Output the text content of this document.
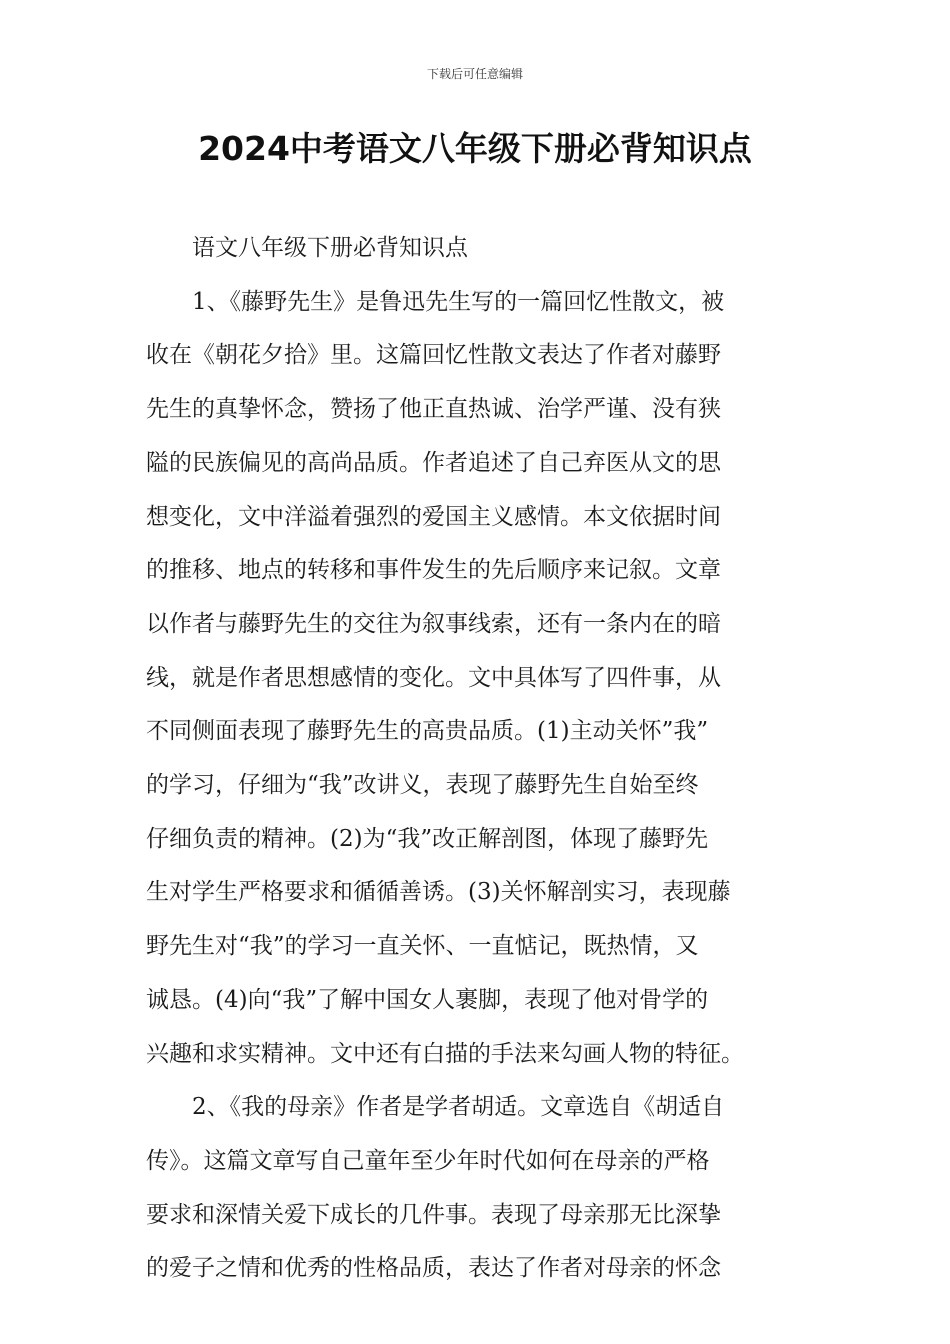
下载后可任意编辑
2024中考语文八年级下册必背知识点

语文八年级下册必背知识点

1、《藤野先生》是鲁迅先生写的一篇回忆性散文，被
收在《朝花夕拾》里。这篇回忆性散文表达了作者对藤野
先生的真挚怀念，赞扬了他正直热诚、治学严谨、没有狭
隘的民族偏见的高尚品质。作者追述了自己弃医从文的思
想变化，文中洋溢着强烈的爱国主义感情。本文依据时间
的推移、地点的转移和事件发生的先后顺序来记叙。文章
以作者与藤野先生的交往为叙事线索，还有一条内在的暗
线，就是作者思想感情的变化。文中具体写了四件事，从
不同侧面表现了藤野先生的高贵品质。(1)主动关怀”我”
的学习，仔细为“我”改讲义，表现了藤野先生自始至终
仔细负责的精神。(2)为“我”改正解剖图，体现了藤野先
生对学生严格要求和循循善诱。(3)关怀解剖实习，表现藤
野先生对“我”的学习一直关怀、一直惦记，既热情，又
诚恳。(4)向“我”了解中国女人裹脚，表现了他对骨学的
兴趣和求实精神。文中还有白描的手法来勾画人物的特征。

2、《我的母亲》作者是学者胡适。文章选自《胡适自
传》。这篇文章写自己童年至少年时代如何在母亲的严格
要求和深情关爱下成长的几件事。表现了母亲那无比深挚
的爱子之情和优秀的性格品质，表达了作者对母亲的怀念
